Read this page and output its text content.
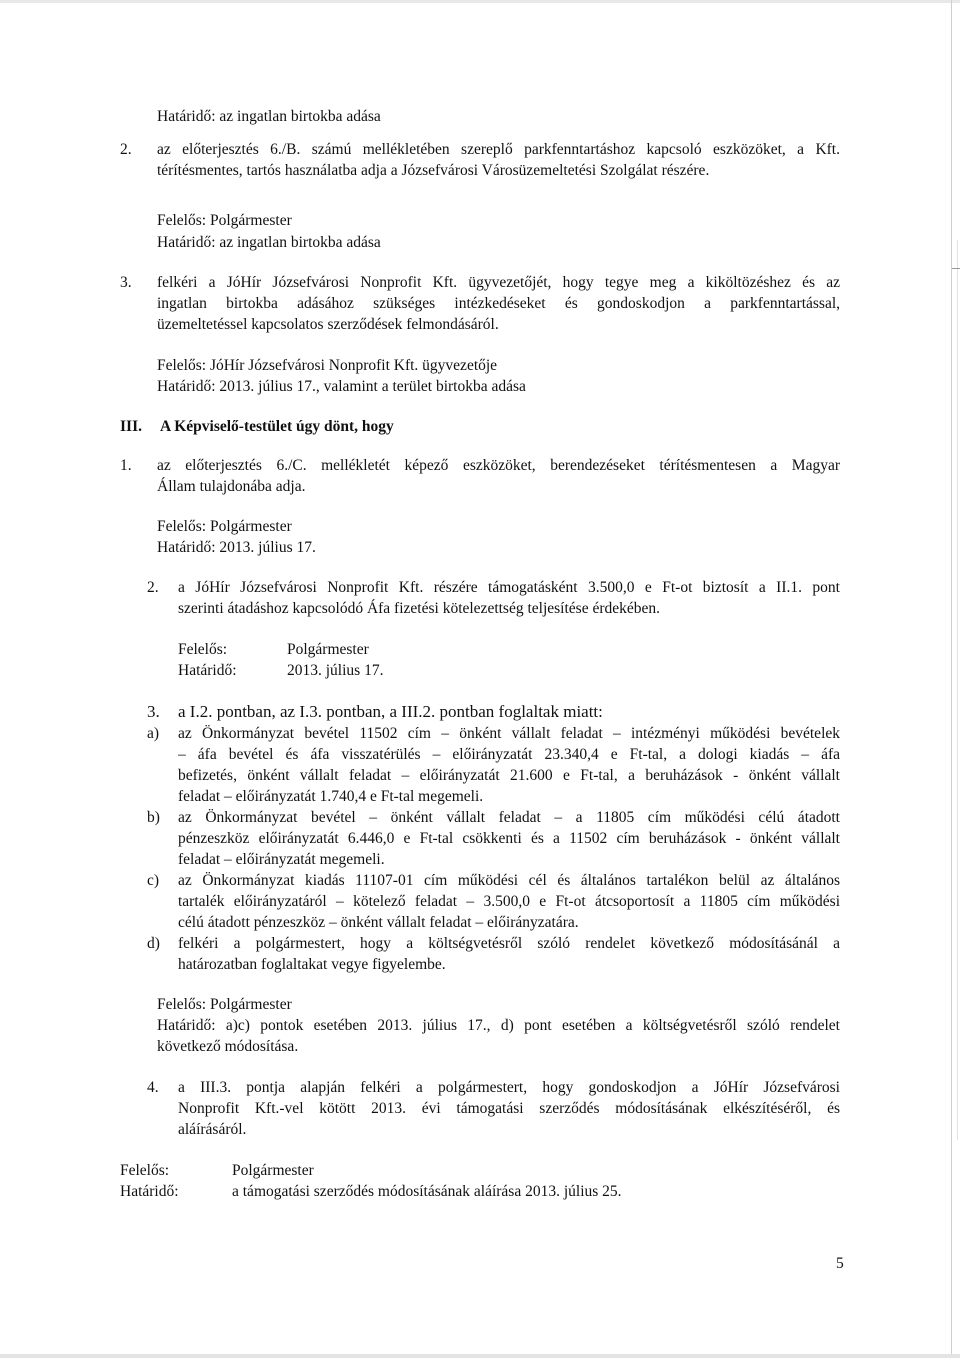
Határidő: az ingatlan birtokba adása
2. az előterjesztés 6./B. számú mellékletében szereplő parkfenntartáshoz kapcsoló eszközöket, a Kft.
térítésmentes, tartós használatba adja a Józsefvárosi Városüzemeltetési Szolgálat részére.
Felelős: Polgármester
Határidő: az ingatlan birtokba adása
3. felkéri a JóHír Józsefvárosi Nonprofit Kft. ügyvezetőjét, hogy tegye meg a kiköltözéshez és az
ingatlan birtokba adásához szükséges intézkedéseket és gondoskodjon a parkfenntartással,
üzemeltetéssel kapcsolatos szerződések felmondásáról.
Felelős: JóHír Józsefvárosi Nonprofit Kft. ügyvezetője
Határidő: 2013. július 17., valamint a terület birtokba adása
III. A Képviselő-testület úgy dönt, hogy
1. az előterjesztés 6./C. mellékletét képező eszközöket, berendezéseket térítésmentesen a Magyar
Állam tulajdonába adja.
Felelős: Polgármester
Határidő: 2013. július 17.
2. a JóHír Józsefvárosi Nonprofit Kft. részére támogatásként 3.500,0 e Ft-ot biztosít a II.1. pont
szerinti átadáshoz kapcsolódó Áfa fizetési kötelezettség teljesítése érdekében.
Felelős:	Polgármester
Határidő:	2013. július 17.
3. a I.2. pontban, az I.3. pontban, a III.2. pontban foglaltak miatt:
a) az Önkormányzat bevétel 11502 cím – önként vállalt feladat – intézményi működési bevételek
– áfa bevétel és áfa visszatérülés – előirányzatát 23.340,4 e Ft-tal, a dologi kiadás – áfa
befizetés, önként vállalt feladat – előirányzatát 21.600 e Ft-tal, a beruházások - önként vállalt
feladat – előirányzatát 1.740,4 e Ft-tal megemeli.
b) az Önkormányzat bevétel – önként vállalt feladat – a 11805 cím működési célú átadott
pénzeszköz előirányzatát 6.446,0 e Ft-tal csökkenti és a 11502 cím beruházások - önként vállalt
feladat – előirányzatát megemeli.
c) az Önkormányzat kiadás 11107-01 cím működési cél és általános tartalékon belül az általános
tartalék előirányzatáról – kötelező feladat – 3.500,0 e Ft-ot átcsoportosít a 11805 cím működési
célú átadott pénzeszköz – önként vállalt feladat – előirányzatára.
d) felkéri a polgármestert, hogy a költségvetésről szóló rendelet következő módosításánál a
határozatban foglaltakat vegye figyelembe.
Felelős: Polgármester
Határidő: a)c) pontok esetében 2013. július 17., d) pont esetében a költségvetésről szóló rendelet
következő módosítása.
4. a III.3. pontja alapján felkéri a polgármestert, hogy gondoskodjon a JóHír Józsefvárosi
Nonprofit Kft.-vel kötött 2013. évi támogatási szerződés módosításának elkészítéséről, és
aláírásáról.
Felelős:	Polgármester
Határidő:	a támogatási szerződés módosításának aláírása 2013. július 25.
5
